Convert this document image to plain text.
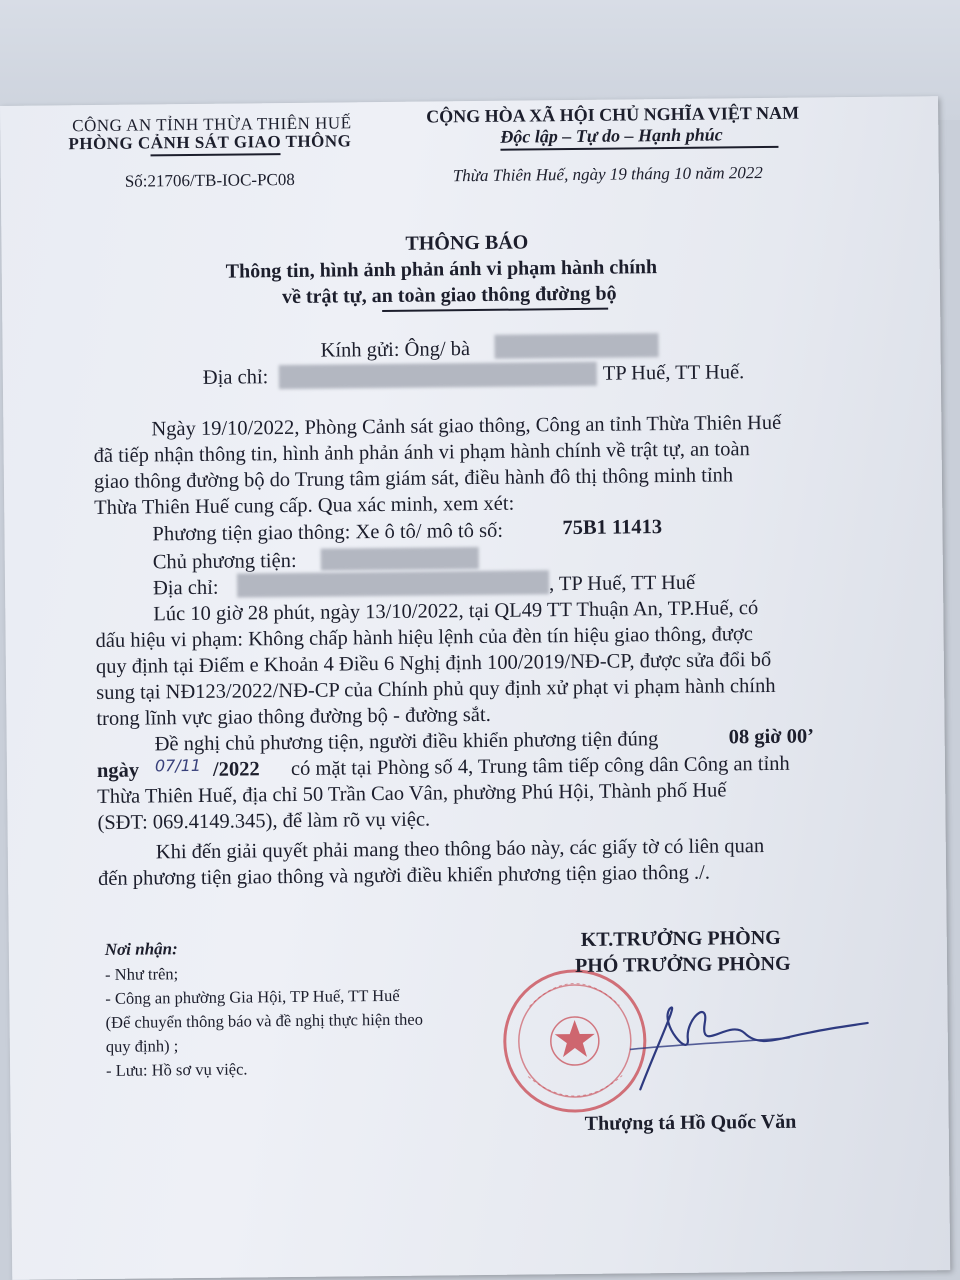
CÔNG AN TỈNH THỪA THIÊN HUẾ
PHÒNG CẢNH SÁT GIAO THÔNG
CỘNG HÒA XÃ HỘI CHỦ NGHĨA VIỆT NAM
Độc lập – Tự do – Hạnh phúc
Số:21706/TB-IOC-PC08	Thừa Thiên Huế, ngày 19 tháng 10 năm 2022
THÔNG BÁO
Thông tin, hình ảnh phản ánh vi phạm hành chính
về trật tự, an toàn giao thông đường bộ
Kính gửi: Ông/ bà
Địa chỉ:	TP Huế, TT Huế.
Ngày 19/10/2022, Phòng Cảnh sát giao thông, Công an tỉnh Thừa Thiên Huế
đã tiếp nhận thông tin, hình ảnh phản ánh vi phạm hành chính về trật tự, an toàn
giao thông đường bộ do Trung tâm giám sát, điều hành đô thị thông minh tỉnh
Thừa Thiên Huế cung cấp. Qua xác minh, xem xét:
Phương tiện giao thông: Xe ô tô/ mô tô số:	75B1 11413
Chủ phương tiện:
Địa chỉ:	, TP Huế, TT Huế
Lúc 10 giờ 28 phút, ngày 13/10/2022, tại QL49 TT Thuận An, TP.Huế, có
dấu hiệu vi phạm: Không chấp hành hiệu lệnh của đèn tín hiệu giao thông, được
quy định tại Điểm e Khoản 4 Điều 6 Nghị định 100/2019/NĐ-CP, được sửa đổi bổ
sung tại NĐ123/2022/NĐ-CP của Chính phủ quy định xử phạt vi phạm hành chính
trong lĩnh vực giao thông đường bộ - đường sắt.
Đề nghị chủ phương tiện, người điều khiển phương tiện đúng	08 giờ 00’
ngày 07/11 /2022 có mặt tại Phòng số 4, Trung tâm tiếp công dân Công an tỉnh
Thừa Thiên Huế, địa chỉ 50 Trần Cao Vân, phường Phú Hội, Thành phố Huế
(SĐT: 069.4149.345), để làm rõ vụ việc.
Khi đến giải quyết phải mang theo thông báo này, các giấy tờ có liên quan
đến phương tiện giao thông và người điều khiển phương tiện giao thông ./.
Nơi nhận:
- Như trên;
- Công an phường Gia Hội, TP Huế, TT Huế
(Để chuyển thông báo và đề nghị thực hiện theo
quy định) ;
- Lưu: Hồ sơ vụ việc.
KT.TRƯỞNG PHÒNG
PHÓ TRƯỞNG PHÒNG
Thượng tá Hồ Quốc Văn
